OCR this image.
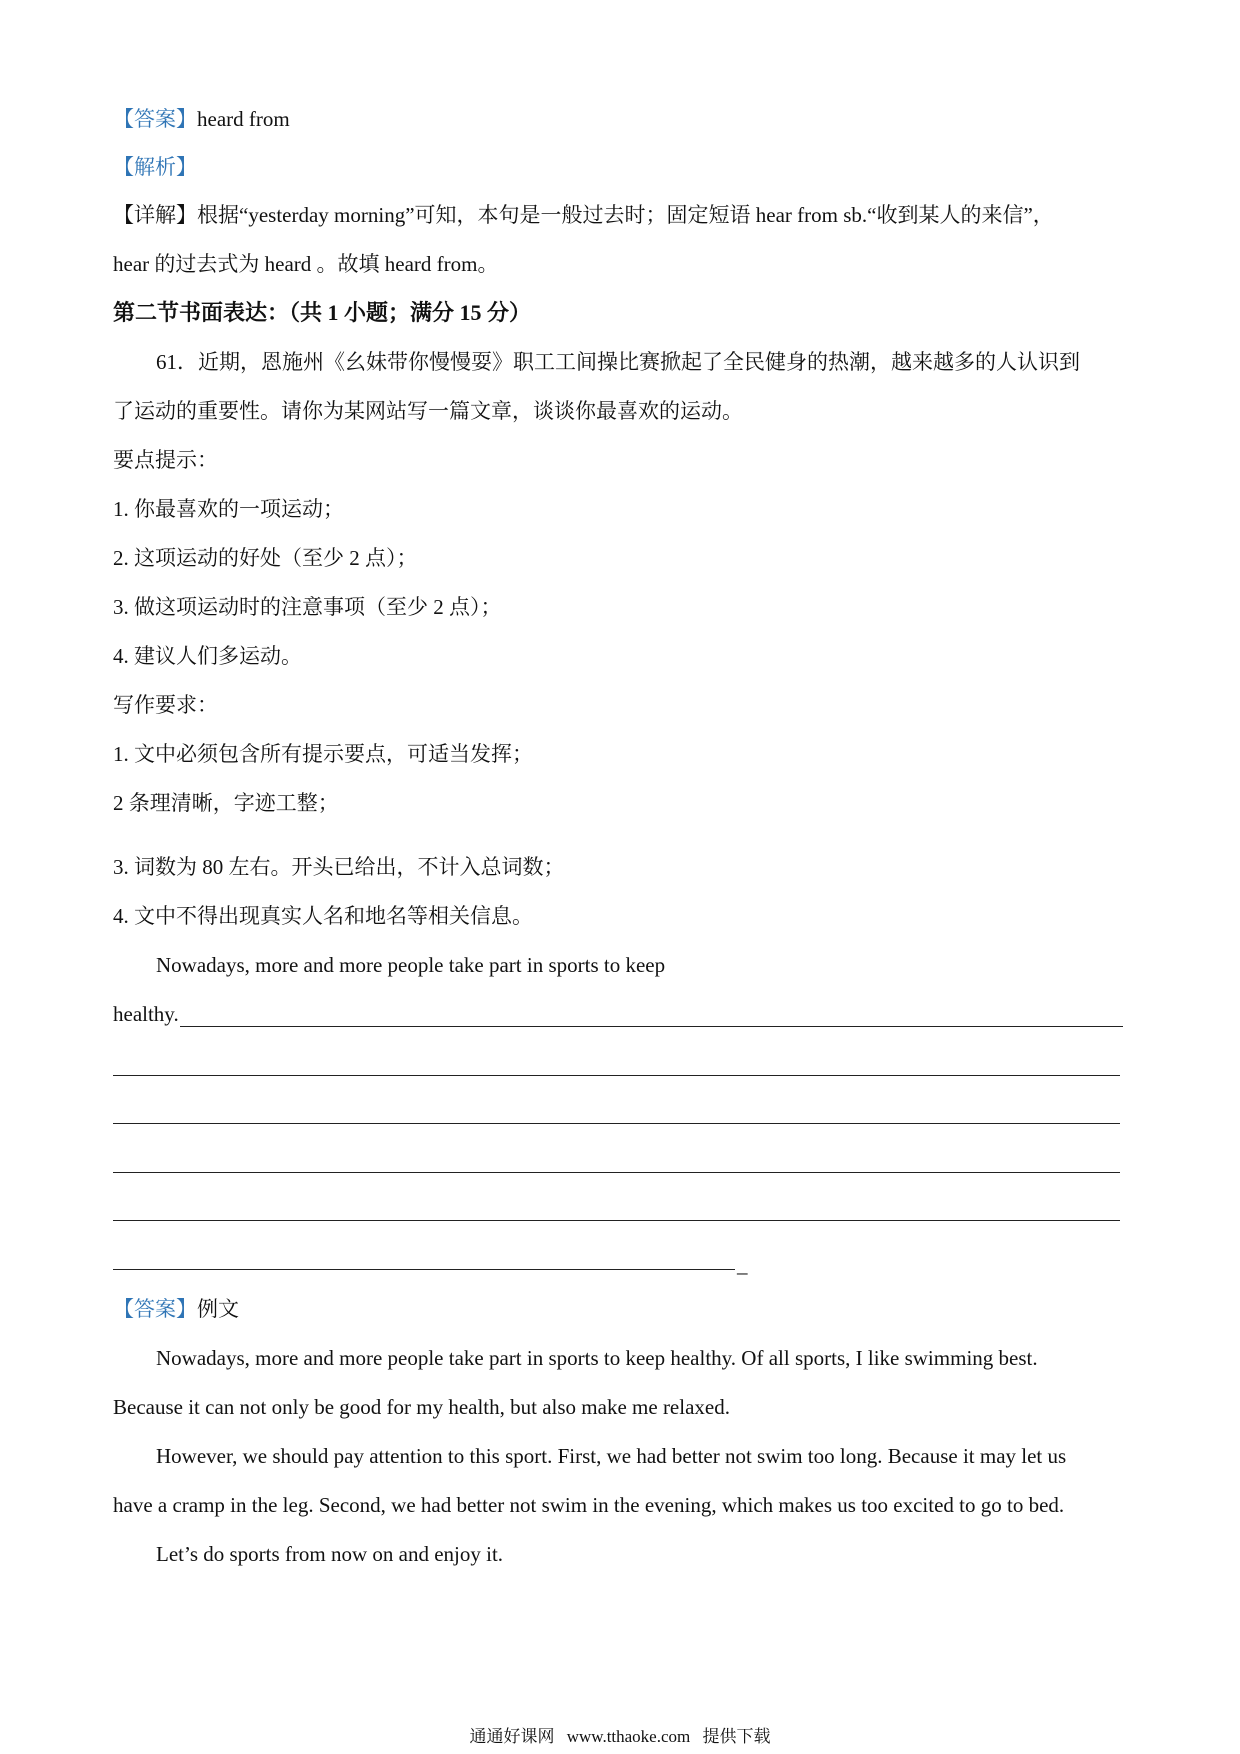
【答案】heard from
【解析】
【详解】根据“yesterday morning”可知，本句是一般过去时；固定短语 hear from sb.“收到某人的来信”，
hear 的过去式为 heard 。故填 heard from。
第二节书面表达：（共 1 小题；满分 15 分）
61．近期，恩施州《幺妹带你慢慢耍》职工工间操比赛掀起了全民健身的热潮，越来越多的人认识到
了运动的重要性。请你为某网站写一篇文章，谈谈你最喜欢的运动。
要点提示：
1. 你最喜欢的一项运动；
2. 这项运动的好处（至少 2 点）；
3. 做这项运动时的注意事项（至少 2 点）；
4. 建议人们多运动。
写作要求：
1. 文中必须包含所有提示要点，可适当发挥；
2 条理清晰，字迹工整；
3. 词数为 80 左右。开头已给出，不计入总词数；
4. 文中不得出现真实人名和地名等相关信息。
Nowadays, more and more people take part in sports to keep
healthy.
_
【答案】例文
Nowadays, more and more people take part in sports to keep healthy. Of all sports, I like swimming best.
Because it can not only be good for my health, but also make me relaxed.
However, we should pay attention to this sport. First, we had better not swim too long. Because it may let us
have a cramp in the leg. Second, we had better not swim in the evening, which makes us too excited to go to bed.
Let’s do sports from now on and enjoy it.
通通好课网 www.tthaoke.com 提供下载
